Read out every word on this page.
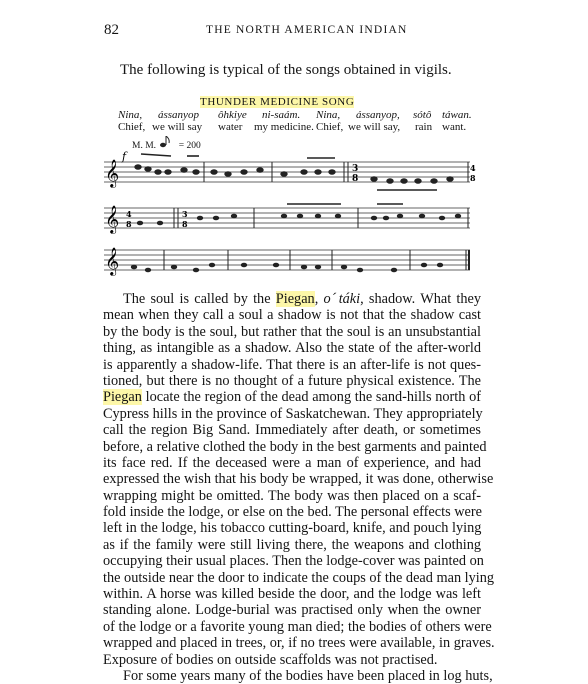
82	THE NORTH AMERICAN INDIAN
The following is typical of the songs obtained in vigils.
THUNDER MEDICINE SONG
Nina, ássanyop ôhkiye ni-saám. Nina, ássanyop, sótô táwan.
Chief, we will say water my medicine. Chief, we will say, rain want.
M. M. = 200
𝄞
f
3
8
4
8
𝄞 4
8
3
8
𝄞
The soul is called by the Piegan, oˊtáki, shadow. What they
mean when they call a soul a shadow is not that the shadow cast
by the body is the soul, but rather that the soul is an unsubstantial
thing, as intangible as a shadow. Also the state of the after-world
is apparently a shadow-life. That there is an after-life is not ques-
tioned, but there is no thought of a future physical existence. The
Piegan locate the region of the dead among the sand-hills north of
Cypress hills in the province of Saskatchewan. They appropriately
call the region Big Sand. Immediately after death, or sometimes
before, a relative clothed the body in the best garments and painted
its face red. If the deceased were a man of experience, and had
expressed the wish that his body be wrapped, it was done, otherwise
wrapping might be omitted. The body was then placed on a scaf-
fold inside the lodge, or else on the bed. The personal effects were
left in the lodge, his tobacco cutting-board, knife, and pouch lying
as if the family were still living there, the weapons and clothing
occupying their usual places. Then the lodge-cover was painted on
the outside near the door to indicate the coups of the dead man lying
within. A horse was killed beside the door, and the lodge was left
standing alone. Lodge-burial was practised only when the owner
of the lodge or a favorite young man died; the bodies of others were
wrapped and placed in trees, or, if no trees were available, in graves.
Exposure of bodies on outside scaffolds was not practised.
For some years many of the bodies have been placed in log huts,
